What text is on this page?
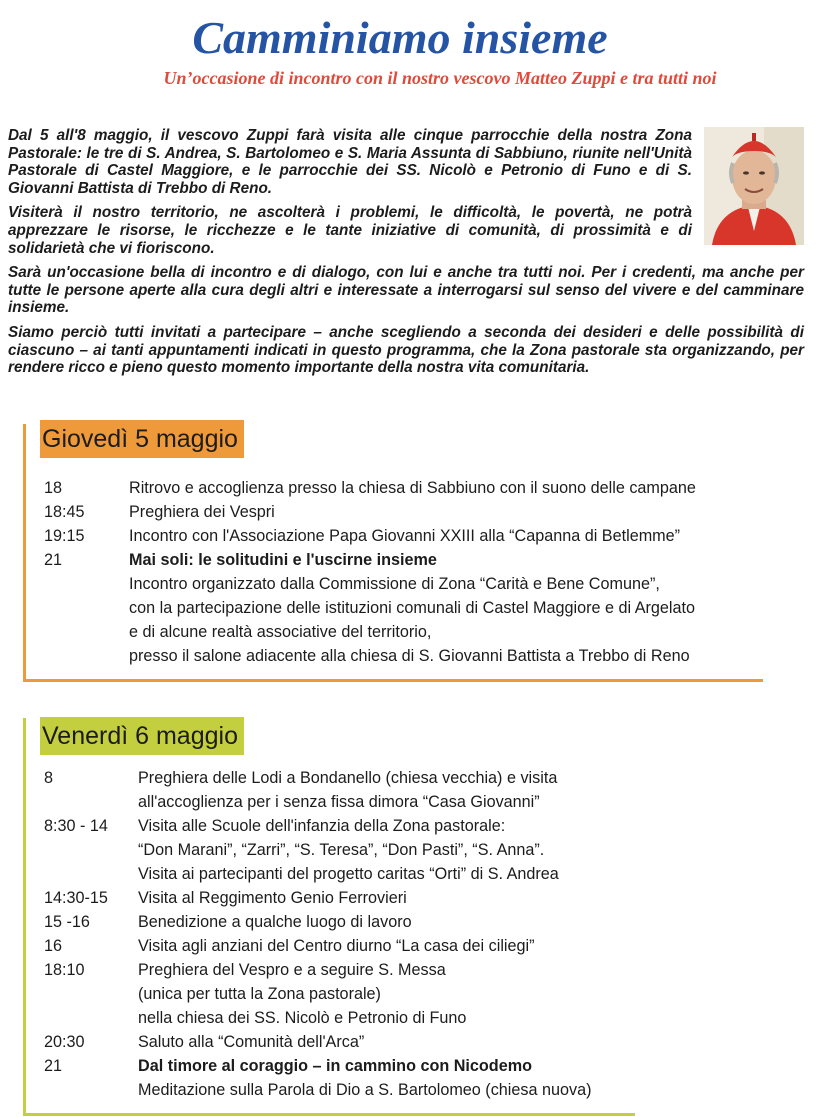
Camminiamo insieme
Un’occasione di incontro con il nostro vescovo Matteo Zuppi e tra tutti noi

Dal 5 all'8 maggio, il vescovo Zuppi farà visita alle cinque parrocchie della nostra Zona Pastorale: le tre di S. Andrea, S. Bartolomeo e S. Maria Assunta di Sabbiuno, riunite nell'Unità Pastorale di Castel Maggiore, e le parrocchie dei SS. Nicolò e Petronio di Funo e di S. Giovanni Battista di Trebbo di Reno.

Visiterà il nostro territorio, ne ascolterà i problemi, le difficoltà, le povertà, ne potrà apprezzare le risorse, le ricchezze e le tante iniziative di comunità, di prossimità e di solidarietà che vi fioriscono.

Sarà un'occasione bella di incontro e di dialogo, con lui e anche tra tutti noi. Per i credenti, ma anche per tutte le persone aperte alla cura degli altri e interessate a interrogarsi sul senso del vivere e del camminare insieme.

Siamo perciò tutti invitati a partecipare – anche scegliendo a seconda dei desideri e delle possibilità di ciascuno – ai tanti appuntamenti indicati in questo programma, che la Zona pastorale sta organizzando, per rendere ricco e pieno questo momento importante della nostra vita comunitaria.

Giovedì 5 maggio
18	Ritrovo e accoglienza presso la chiesa di Sabbiuno con il suono delle campane
18:45	Preghiera dei Vespri
19:15	Incontro con l'Associazione Papa Giovanni XXIII alla “Capanna di Betlemme”
21	Mai soli: le solitudini e l'uscirne insieme
Incontro organizzato dalla Commissione di Zona “Carità e Bene Comune”,
con la partecipazione delle istituzioni comunali di Castel Maggiore e di Argelato
e di alcune realtà associative del territorio,
presso il salone adiacente alla chiesa di S. Giovanni Battista a Trebbo di Reno
Venerdì 6 maggio
8	Preghiera delle Lodi a Bondanello (chiesa vecchia) e visita
all'accoglienza per i senza fissa dimora “Casa Giovanni”
8:30 - 14 Visita alle Scuole dell'infanzia della Zona pastorale:
“Don Marani”, “Zarri”, “S. Teresa”, “Don Pasti”, “S. Anna”.
Visita ai partecipanti del progetto caritas “Orti” di S. Andrea
14:30-15 Visita al Reggimento Genio Ferrovieri
15 -16	Benedizione a qualche luogo di lavoro
16	Visita agli anziani del Centro diurno “La casa dei ciliegi”
18:10	Preghiera del Vespro e a seguire S. Messa
(unica per tutta la Zona pastorale)
nella chiesa dei SS. Nicolò e Petronio di Funo
20:30	Saluto alla “Comunità dell'Arca”
21	Dal timore al coraggio – in cammino con Nicodemo
Meditazione sulla Parola di Dio a S. Bartolomeo (chiesa nuova)
